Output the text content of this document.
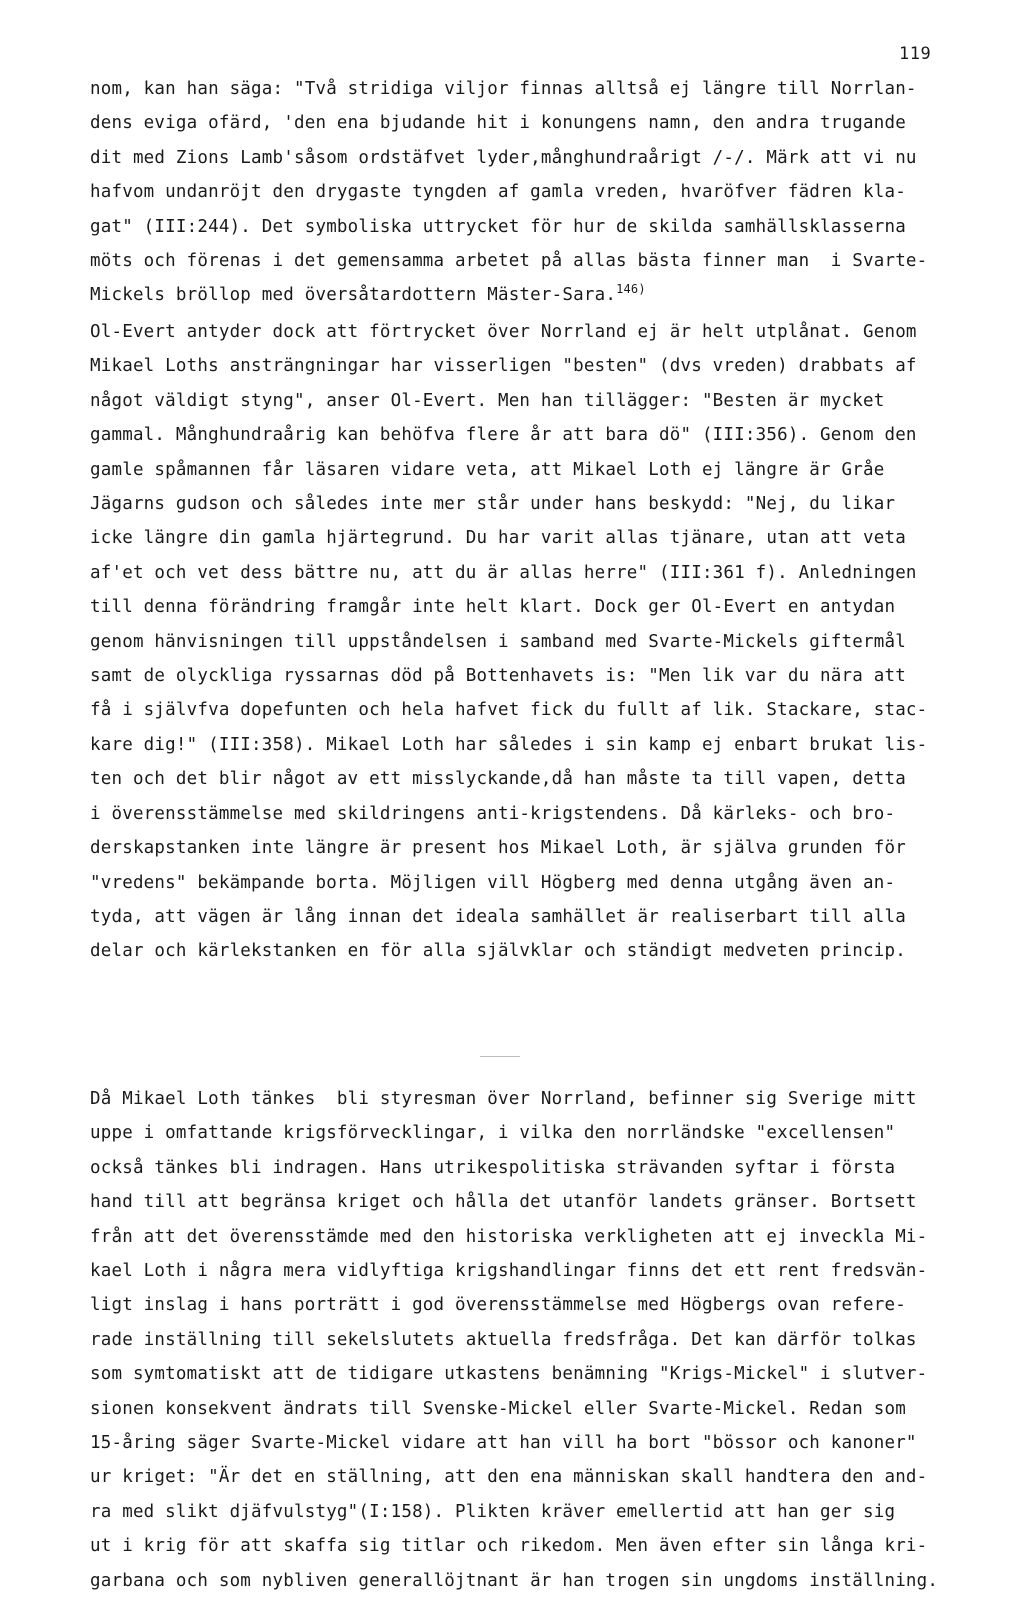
119
nom, kan han säga: "Två stridiga viljor finnas alltså ej längre till Norrlan-
dens eviga ofärd, 'den ena bjudande hit i konungens namn, den andra trugande
dit med Zions Lamb'såsom ordstäfvet lyder,månghundraårigt /-/. Märk att vi nu
hafvom undanröjt den drygaste tyngden af gamla vreden, hvaröfver fädren kla-
gat" (III:244). Det symboliska uttrycket för hur de skilda samhällsklasserna
möts och förenas i det gemensamma arbetet på allas bästa finner man  i Svarte-
Mickels bröllop med översåtardottern Mäster-Sara.$^{146)}$
Ol-Evert antyder dock att förtrycket över Norrland ej är helt utplånat. Genom
Mikael Loths ansträngningar har visserligen "besten" (dvs vreden) drabbats af
något väldigt styng", anser Ol-Evert. Men han tillägger: "Besten är mycket
gammal. Månghundraårig kan behöfva flere år att bara dö" (III:356). Genom den
gamle spåmannen får läsaren vidare veta, att Mikael Loth ej längre är Gråe
Jägarns gudson och således inte mer står under hans beskydd: "Nej, du likar
icke längre din gamla hjärtegrund. Du har varit allas tjänare, utan att veta
af'et och vet dess bättre nu, att du är allas herre" (III:361 f). Anledningen
till denna förändring framgår inte helt klart. Dock ger Ol-Evert en antydan
genom hänvisningen till uppståndelsen i samband med Svarte-Mickels giftermål
samt de olyckliga ryssarnas död på Bottenhavets is: "Men lik var du nära att
få i självfva dopefunten och hela hafvet fick du fullt af lik. Stackare, stac-
kare dig!" (III:358). Mikael Loth har således i sin kamp ej enbart brukat lis-
ten och det blir något av ett misslyckande,då han måste ta till vapen, detta
i överensstämmelse med skildringens anti-krigstendens. Då kärleks- och bro-
derskapstanken inte längre är present hos Mikael Loth, är själva grunden för
"vredens" bekämpande borta. Möjligen vill Högberg med denna utgång även an-
tyda, att vägen är lång innan det ideala samhället är realiserbart till alla
delar och kärlekstanken en för alla självklar och ständigt medveten princip.
Då Mikael Loth tänkes  bli styresman över Norrland, befinner sig Sverige mitt
uppe i omfattande krigsförvecklingar, i vilka den norrländske "excellensen"
också tänkes bli indragen. Hans utrikespolitiska strävanden syftar i första
hand till att begränsa kriget och hålla det utanför landets gränser. Bortsett
från att det överensstämde med den historiska verkligheten att ej inveckla Mi-
kael Loth i några mera vidlyftiga krigshandlingar finns det ett rent fredsvän-
ligt inslag i hans porträtt i god överensstämmelse med Högbergs ovan refere-
rade inställning till sekelslutets aktuella fredsfråga. Det kan därför tolkas
som symtomatiskt att de tidigare utkastens benämning "Krigs-Mickel" i slutver-
sionen konsekvent ändrats till Svenske-Mickel eller Svarte-Mickel. Redan som
15-åring säger Svarte-Mickel vidare att han vill ha bort "bössor och kanoner"
ur kriget: "Är det en ställning, att den ena människan skall handtera den and-
ra med slikt djäfvulstyg"(I:158). Plikten kräver emellertid att han ger sig
ut i krig för att skaffa sig titlar och rikedom. Men även efter sin långa kri-
garbana och som nybliven generallöjtnant är han trogen sin ungdoms inställning.
